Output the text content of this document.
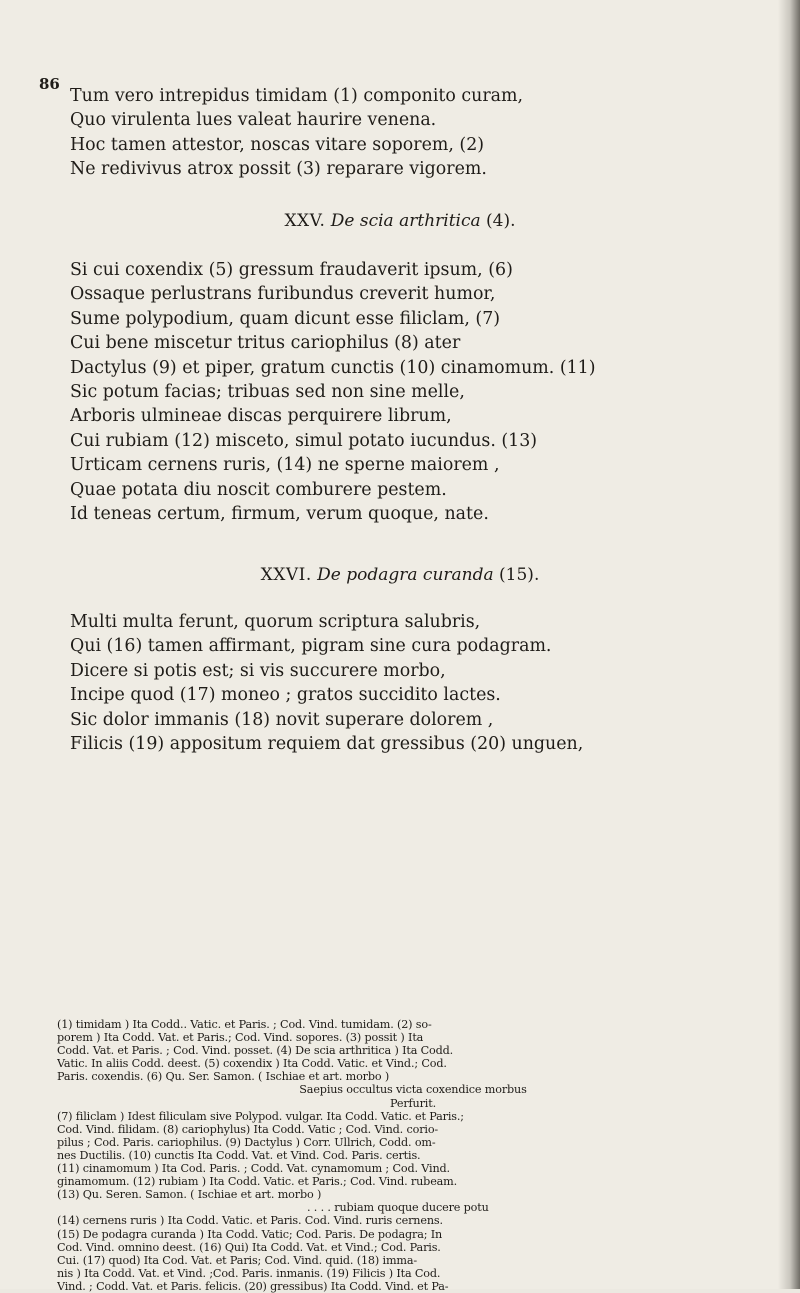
86
Tum vero intrepidus timidam (1) componito curam,
Quo virulenta lues valeat haurire venena.
Hoc tamen attestor, noscas vitare soporem, (2)
Ne redivivus atrox possit (3) reparare vigorem.
XXV. De scia arthritica (4).
Si cui coxendix (5) gressum fraudaverit ipsum, (6)
Ossaque perlustrans furibundus creverit humor,
Sume polypodium, quam dicunt esse filiclam, (7)
Cui bene miscetur tritus cariophilus (8) ater
Dactylus (9) et piper, gratum cunctis (10) cinamomum. (11)
Sic potum facias; tribuas sed non sine melle,
Arboris ulmineae discas perquirere librum,
Cui rubiam (12) misceto, simul potato iucundus. (13)
Urticam cernens ruris, (14) ne sperne maiorem ,
Quae potata diu noscit comburere pestem.
Id teneas certum, firmum, verum quoque, nate.
XXVI. De podagra curanda (15).
Multi multa ferunt, quorum scriptura salubris,
Qui (16) tamen affirmant, pigram sine cura podagram.
Dicere si potis est; si vis succurere morbo,
Incipe quod (17) moneo ; gratos succidito lactes.
Sic dolor immanis (18) novit superare dolorem ,
Filicis (19) appositum requiem dat gressibus (20) unguen,
(1) timidam ) Ita Codd.. Vatic. et Paris. ; Cod. Vind. tumidam. (2) so-
porem ) Ita Codd. Vat. et Paris.; Cod. Vind. sopores. (3) possit ) Ita
Codd. Vat. et Paris. ; Cod. Vind. posset. (4) De scia arthritica ) Ita Codd.
Vatic. In aliis Codd. deest. (5) coxendix ) Ita Codd. Vatic. et Vind.; Cod.
Paris. coxendis. (6) Qu. Ser. Samon. ( Ischiae et art. morbo )
Saepius occultus victa coxendice morbus
Perfurit.
(7) filiclam ) Idest filiculam sive Polypod. vulgar. Ita Codd. Vatic. et Paris.;
Cod. Vind. filidam. (8) cariophylus) Ita Codd. Vatic ; Cod. Vind. corio-
pilus ; Cod. Paris. cariophilus. (9) Dactylus ) Corr. Ullrich, Codd. om-
nes Ductilis. (10) cunctis Ita Codd. Vat. et Vind. Cod. Paris. certis.
(11) cinamomum ) Ita Cod. Paris. ; Codd. Vat. cynamomum ; Cod. Vind.
ginamomum. (12) rubiam ) Ita Codd. Vatic. et Paris.; Cod. Vind. rubeam.
(13) Qu. Seren. Samon. ( Ischiae et art. morbo )
. . . . rubiam quoque ducere potu
(14) cernens ruris ) Ita Codd. Vatic. et Paris. Cod. Vind. ruris cernens.
(15) De podagra curanda ) Ita Codd. Vatic; Cod. Paris. De podagra; In
Cod. Vind. omnino deest. (16) Qui) Ita Codd. Vat. et Vind.; Cod. Paris.
Cui. (17) quod) Ita Cod. Vat. et Paris; Cod. Vind. quid. (18) imma-
nis ) Ita Codd. Vat. et Vind. ;Cod. Paris. inmanis. (19) Filicis ) Ita Cod.
Vind. ; Codd. Vat. et Paris. felicis. (20) gressibus) Ita Codd. Vind. et Pa-
